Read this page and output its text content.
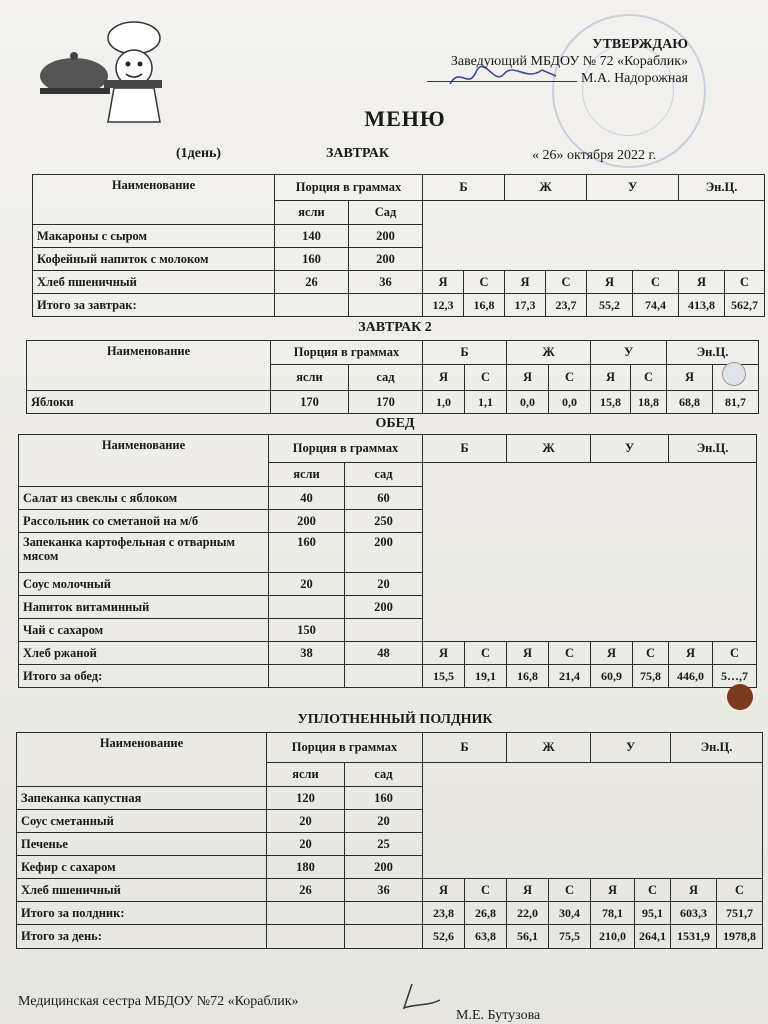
УТВЕРЖДАЮ
Заведующий МБДОУ № 72 «Кораблик»
М.А. Надорожная
МЕНЮ
(1день)	ЗАВТРАК	« 26» октября 2022 г.
Наименование	Порция в граммах		Б		Ж		У		Эн.Ц.	
	ясли	Сад								
Макароны с сыром	140	200								
Кофейный напиток с молоком	160	200								
Хлеб пшеничный	26	36	Я	С	Я	С	Я	С	Я	С
Итого за завтрак:			12,3	16,8	17,3	23,7	55,2	74,4	413,8	562,7
ЗАВТРАК 2
Наименование	Порция в граммах		Б		Ж		У		Эн.Ц.	
	ясли	сад	Я	С	Я	С	Я	С	Я	
Яблоки	170	170	1,0	1,1	0,0	0,0	15,8	18,8	68,8	81,7
ОБЕД
Наименование	Порция в граммах		Б		Ж		У		Эн.Ц.	
	ясли	сад								
Салат из свеклы с яблоком	40	60								
Рассольник со сметаной на м/б	200	250								
Запеканка картофельная с отварным мясом	160	200								
Соус молочный	20	20								
Напиток витаминный		200								
Чай с сахаром	150									
Хлеб ржаной	38	48	Я	С	Я	С	Я	С	Я	С
Итого за обед:			15,5	19,1	16,8	21,4	60,9	75,8	446,0	5…,7
УПЛОТНЕННЫЙ ПОЛДНИК
Наименование	Порция в граммах		Б		Ж		У		Эн.Ц.	
	ясли	сад								
Запеканка капустная	120	160								
Соус сметанный	20	20								
Печенье	20	25								
Кефир с сахаром	180	200								
Хлеб пшеничный	26	36	Я	С	Я	С	Я	С	Я	С
Итого за полдник:			23,8	26,8	22,0	30,4	78,1	95,1	603,3	751,7
Итого за день:			52,6	63,8	56,1	75,5	210,0	264,1	1531,9	1978,8
Медицинская сестра МБДОУ №72 «Кораблик»
М.Е. Бутузова
